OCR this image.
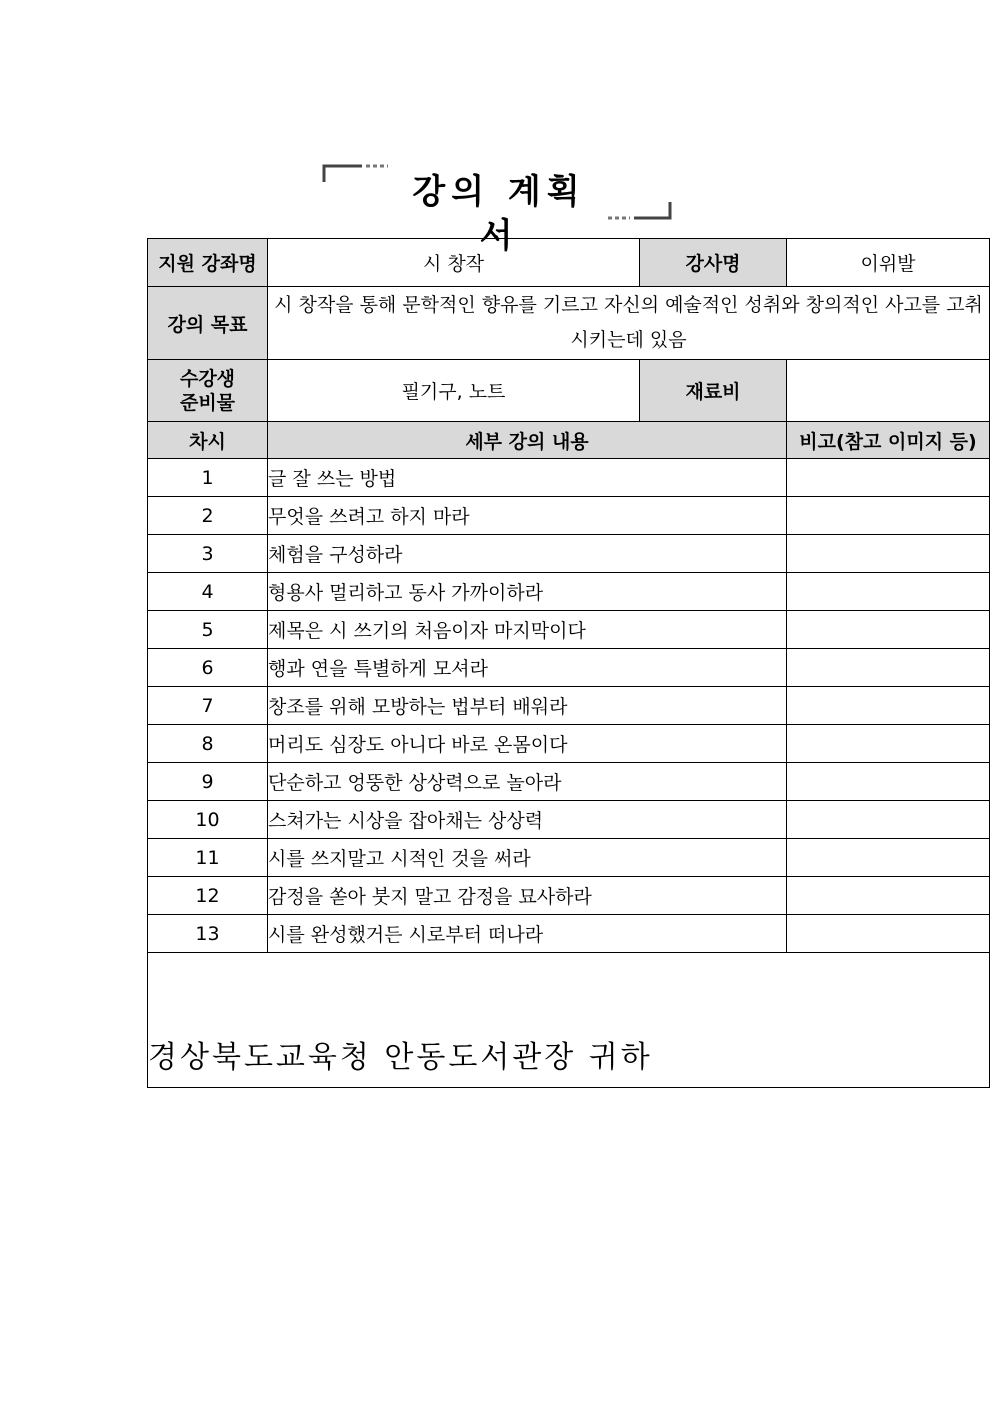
강의 계획서
지원 강좌명	시 창작	강사명	이위발
강의 목표	시 창작을 통해 문학적인 향유를 기르고 자신의 예술적인 성취와 창의적인 사고를 고취시키는데 있음		

수강생
준비물	필기구, 노트	재료비	
차시	세부 강의 내용		비고(참고 이미지 등)
1	글 잘 쓰는 방법		
2	무엇을 쓰려고 하지 마라		
3	체험을 구성하라		
4	형용사 멀리하고 동사 가까이하라		
5	제목은 시 쓰기의 처음이자 마지막이다		
6	행과 연을 특별하게 모셔라		
7	창조를 위해 모방하는 법부터 배워라		
8	머리도 심장도 아니다 바로 온몸이다		
9	단순하고 엉뚱한 상상력으로 놀아라		
10	스쳐가는 시상을 잡아채는 상상력		
11	시를 쓰지말고 시적인 것을 써라		
12	감정을 쏟아 붓지 말고 감정을 묘사하라		
13	시를 완성했거든 시로부터 떠나라		

경상북도교육청 안동도서관장 귀하			
